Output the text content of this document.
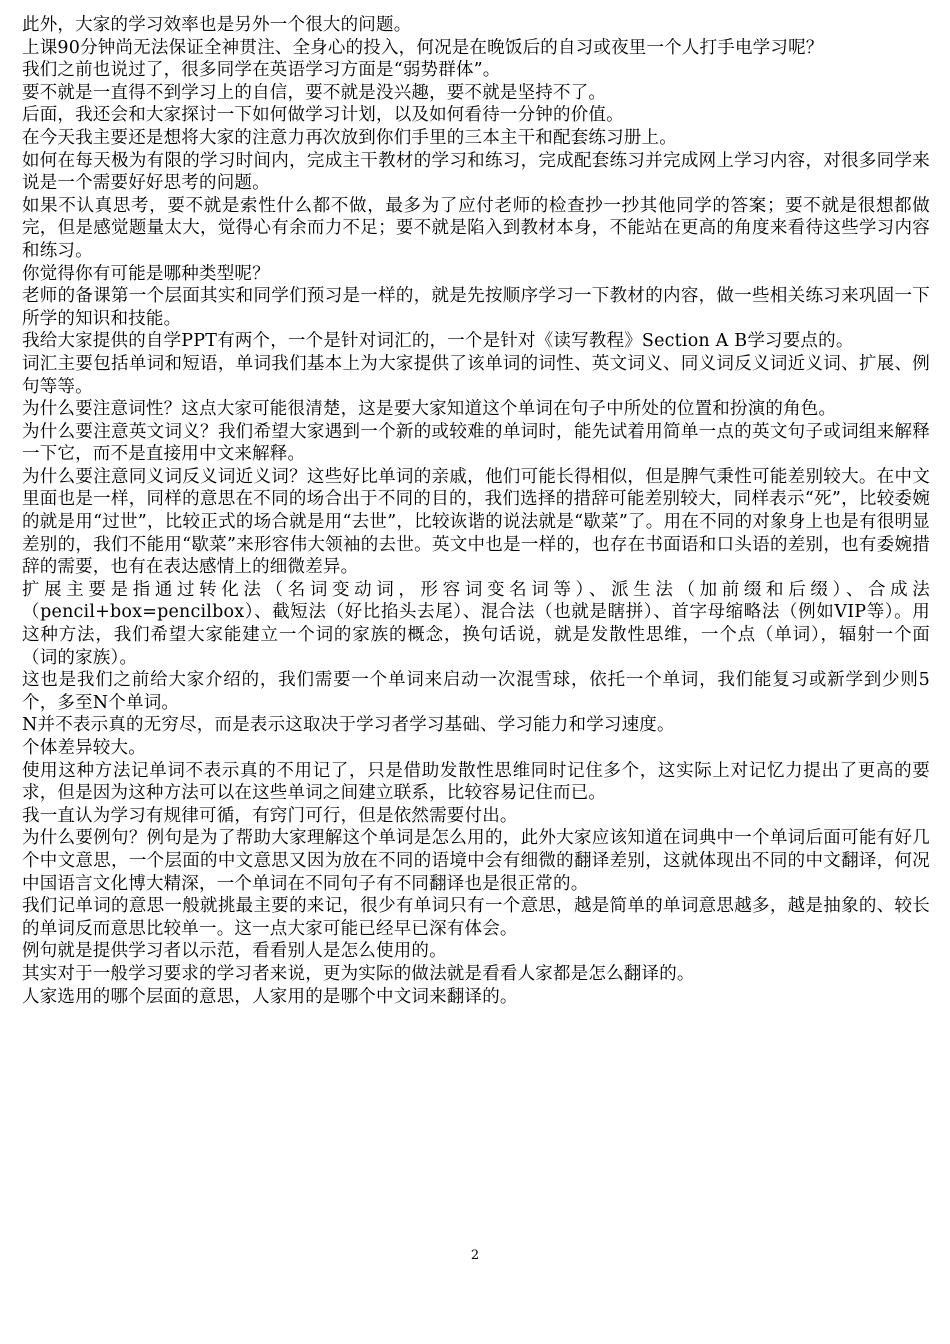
此外，大家的学习效率也是另外一个很大的问题。

上课90分钟尚无法保证全神贯注、全身心的投入，何况是在晚饭后的自习或夜里一个人打手电学习呢？

我们之前也说过了，很多同学在英语学习方面是“弱势群体”。

要不就是一直得不到学习上的自信，要不就是没兴趣，要不就是坚持不了。

后面，我还会和大家探讨一下如何做学习计划，以及如何看待一分钟的价值。

在今天我主要还是想将大家的注意力再次放到你们手里的三本主干和配套练习册上。

如何在每天极为有限的学习时间内，完成主干教材的学习和练习，完成配套练习并完成网上学习内容，对很多同学来说是一个需要好好思考的问题。

如果不认真思考，要不就是索性什么都不做，最多为了应付老师的检查抄一抄其他同学的答案；要不就是很想都做完，但是感觉题量太大，觉得心有余而力不足；要不就是陷入到教材本身，不能站在更高的角度来看待这些学习内容和练习。

你觉得你有可能是哪种类型呢？

老师的备课第一个层面其实和同学们预习是一样的，就是先按顺序学习一下教材的内容，做一些相关练习来巩固一下所学的知识和技能。

我给大家提供的自学PPT有两个，一个是针对词汇的，一个是针对《读写教程》Section A B学习要点的。

词汇主要包括单词和短语，单词我们基本上为大家提供了该单词的词性、英文词义、同义词反义词近义词、扩展、例句等等。

为什么要注意词性？这点大家可能很清楚，这是要大家知道这个单词在句子中所处的位置和扮演的角色。

为什么要注意英文词义？我们希望大家遇到一个新的或较难的单词时，能先试着用简单一点的英文句子或词组来解释一下它，而不是直接用中文来解释。

为什么要注意同义词反义词近义词？这些好比单词的亲戚，他们可能长得相似，但是脾气秉性可能差别较大。在中文里面也是一样，同样的意思在不同的场合出于不同的目的，我们选择的措辞可能差别较大，同样表示“死”，比较委婉的就是用“过世”，比较正式的场合就是用“去世”，比较诙谐的说法就是“歇菜”了。用在不同的对象身上也是有很明显差别的，我们不能用“歇菜”来形容伟大领袖的去世。英文中也是一样的，也存在书面语和口头语的差别，也有委婉措辞的需要，也有在表达感情上的细微差异。

扩展主要是指通过转化法（名词变动词，形容词变名词等）、派生法（加前缀和后缀）、合成法（pencil+box=pencilbox）、截短法（好比掐头去尾）、混合法（也就是瞎拼）、首字母缩略法（例如VIP等）。用这种方法，我们希望大家能建立一个词的家族的概念，换句话说，就是发散性思维，一个点（单词），辐射一个面（词的家族）。

这也是我们之前给大家介绍的，我们需要一个单词来启动一次混雪球，依托一个单词，我们能复习或新学到少则5个，多至N个单词。

N并不表示真的无穷尽，而是表示这取决于学习者学习基础、学习能力和学习速度。

个体差异较大。

使用这种方法记单词不表示真的不用记了，只是借助发散性思维同时记住多个，这实际上对记忆力提出了更高的要求，但是因为这种方法可以在这些单词之间建立联系，比较容易记住而已。

我一直认为学习有规律可循，有窍门可行，但是依然需要付出。

为什么要例句？例句是为了帮助大家理解这个单词是怎么用的，此外大家应该知道在词典中一个单词后面可能有好几个中文意思，一个层面的中文意思又因为放在不同的语境中会有细微的翻译差别，这就体现出不同的中文翻译，何况中国语言文化博大精深，一个单词在不同句子有不同翻译也是很正常的。

我们记单词的意思一般就挑最主要的来记，很少有单词只有一个意思，越是简单的单词意思越多，越是抽象的、较长的单词反而意思比较单一。这一点大家可能已经早已深有体会。

例句就是提供学习者以示范，看看别人是怎么使用的。

其实对于一般学习要求的学习者来说，更为实际的做法就是看看人家都是怎么翻译的。

人家选用的哪个层面的意思，人家用的是哪个中文词来翻译的。

2
